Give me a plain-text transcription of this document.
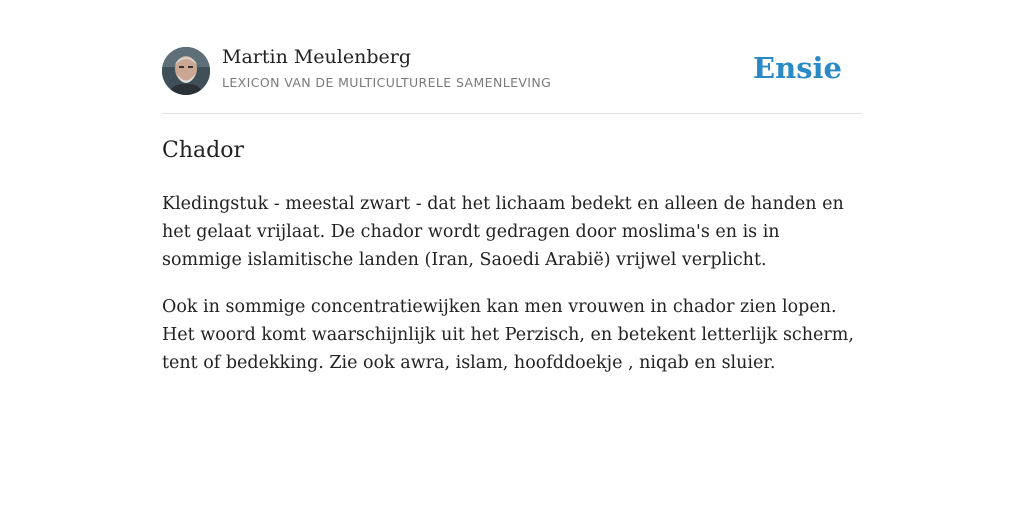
Martin Meulenberg
LEXICON VAN DE MULTICULTURELE SAMENLEVING	Ensie
Chador

Kledingstuk - meestal zwart - dat het lichaam bedekt en alleen de handen en het gelaat vrijlaat. De chador wordt gedragen door moslima's en is in sommige islamitische landen (Iran, Saoedi Arabië) vrijwel verplicht.

Ook in sommige concentratiewijken kan men vrouwen in chador zien lopen. Het woord komt waarschijnlijk uit het Perzisch, en betekent letterlijk scherm, tent of bedekking. Zie ook awra, islam, hoofddoekje , niqab en sluier.
